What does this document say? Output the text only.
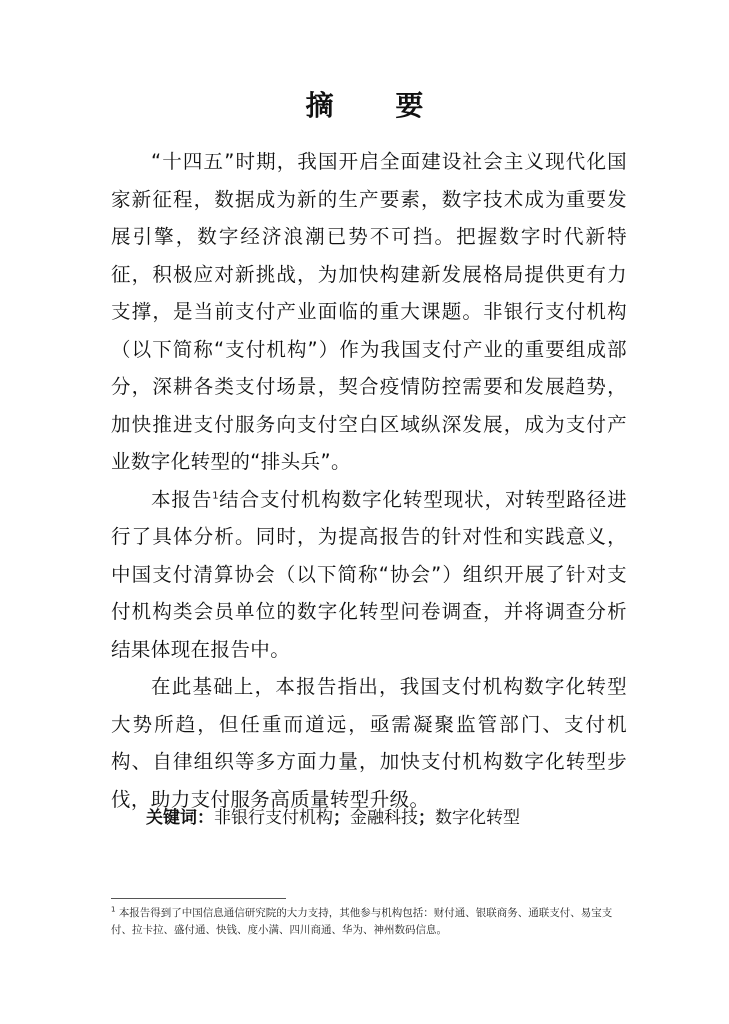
摘 要

“十四五”时期，我国开启全面建设社会主义现代化国家新征程，数据成为新的生产要素，数字技术成为重要发展引擎，数字经济浪潮已势不可挡。把握数字时代新特征，积极应对新挑战，为加快构建新发展格局提供更有力支撑，是当前支付产业面临的重大课题。非银行支付机构（以下简称“支付机构”）作为我国支付产业的重要组成部分，深耕各类支付场景，契合疫情防控需要和发展趋势，加快推进支付服务向支付空白区域纵深发展，成为支付产业数字化转型的“排头兵”。

本报告$^1$结合支付机构数字化转型现状，对转型路径进行了具体分析。同时，为提高报告的针对性和实践意义，中国支付清算协会（以下简称“协会”）组织开展了针对支付机构类会员单位的数字化转型问卷调查，并将调查分析结果体现在报告中。

在此基础上，本报告指出，我国支付机构数字化转型大势所趋，但任重而道远，亟需凝聚监管部门、支付机构、自律组织等多方面力量，加快支付机构数字化转型步伐，助力支付服务高质量转型升级。

关键词：非银行支付机构；金融科技；数字化转型

$^1$ 本报告得到了中国信息通信研究院的大力支持，其他参与机构包括：财付通、银联商务、通联支付、易宝支付、拉卡拉、盛付通、快钱、度小满、四川商通、华为、神州数码信息。
